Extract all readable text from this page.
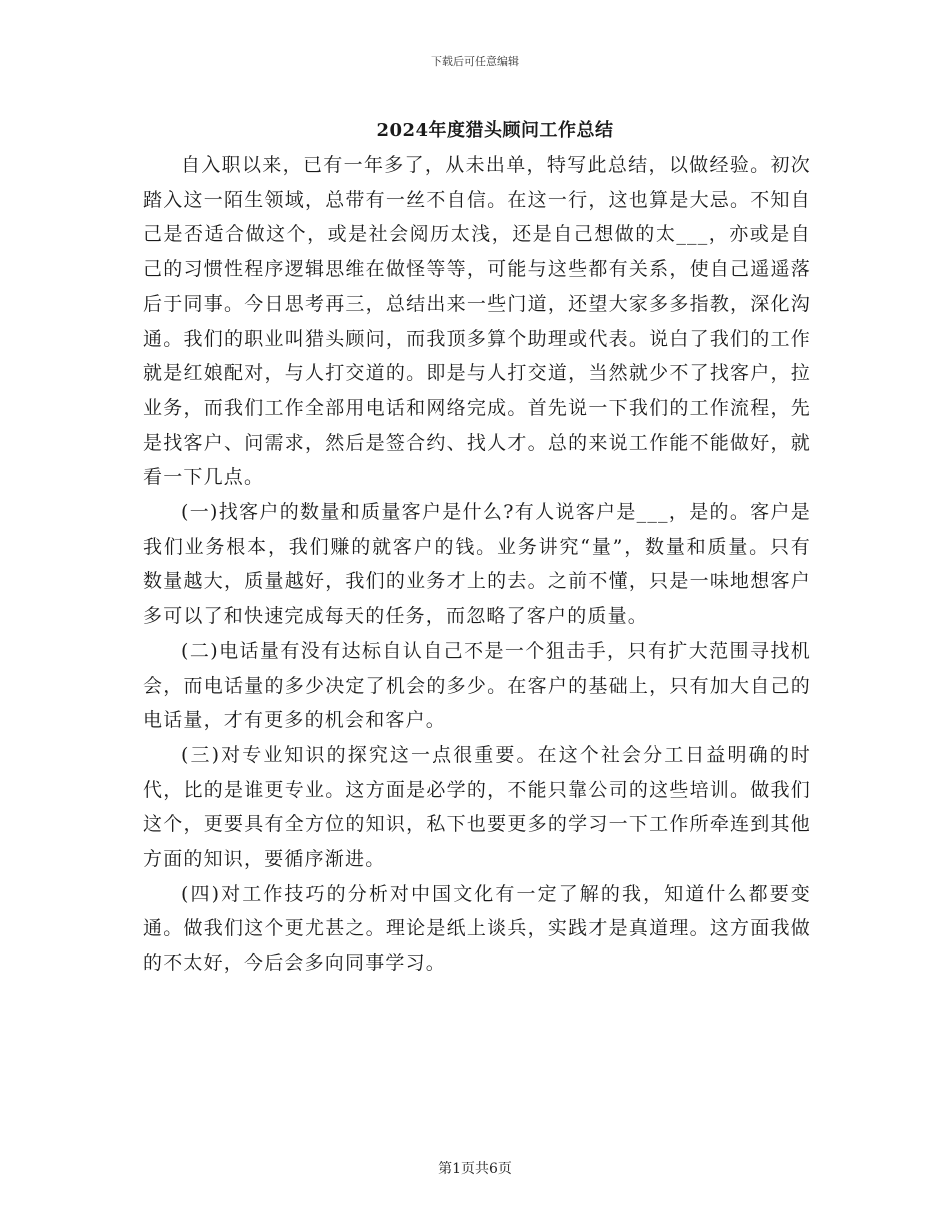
下载后可任意编辑
2024年度猎头顾问工作总结

自入职以来，已有一年多了，从未出单，特写此总结，以做经验。初次踏入这一陌生领域，总带有一丝不自信。在这一行，这也算是大忌。不知自己是否适合做这个，或是社会阅历太浅，还是自己想做的太___，亦或是自己的习惯性程序逻辑思维在做怪等等，可能与这些都有关系，使自己遥遥落后于同事。今日思考再三，总结出来一些门道，还望大家多多指教，深化沟通。我们的职业叫猎头顾问，而我顶多算个助理或代表。说白了我们的工作就是红娘配对，与人打交道的。即是与人打交道，当然就少不了找客户，拉业务，而我们工作全部用电话和网络完成。首先说一下我们的工作流程，先是找客户、问需求，然后是签合约、找人才。总的来说工作能不能做好，就看一下几点。

(一)找客户的数量和质量客户是什么?有人说客户是___，是的。客户是我们业务根本，我们赚的就客户的钱。业务讲究“量”，数量和质量。只有数量越大，质量越好，我们的业务才上的去。之前不懂，只是一味地想客户多可以了和快速完成每天的任务，而忽略了客户的质量。

(二)电话量有没有达标自认自己不是一个狙击手，只有扩大范围寻找机会，而电话量的多少决定了机会的多少。在客户的基础上，只有加大自己的电话量，才有更多的机会和客户。

(三)对专业知识的探究这一点很重要。在这个社会分工日益明确的时代，比的是谁更专业。这方面是必学的，不能只靠公司的这些培训。做我们这个，更要具有全方位的知识，私下也要更多的学习一下工作所牵连到其他方面的知识，要循序渐进。

(四)对工作技巧的分析对中国文化有一定了解的我，知道什么都要变通。做我们这个更尤甚之。理论是纸上谈兵，实践才是真道理。这方面我做的不太好，今后会多向同事学习。

第1页共6页
